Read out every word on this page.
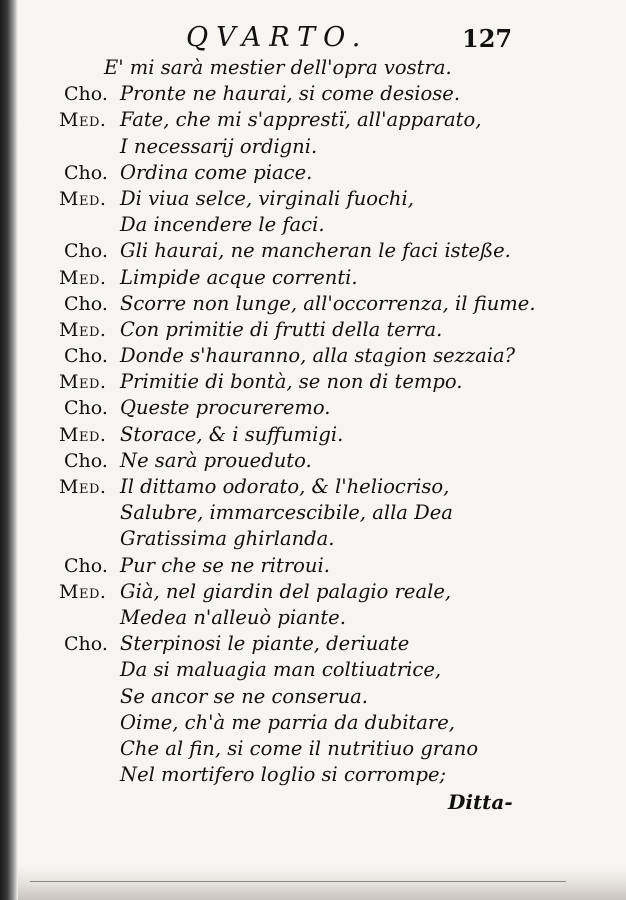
QVARTO.	127
E' mi sarà mestier dell'opra vostra.
Cho. Pronte ne haurai, si come desiose.
Med. Fate, che mi s'apprestï, all'apparato,
I necessarij ordigni.
Cho. Ordina come piace.
Med. Di viua selce, virginali fuochi,
Da incendere le faci.
Cho. Gli haurai, ne mancheran le faci isteße.
Med. Limpide acque correnti.
Cho. Scorre non lunge, all'occorrenza, il fiume.
Med. Con primitie di frutti della terra.
Cho. Donde s'hauranno, alla stagion sezzaia?
Med. Primitie di bontà, se non di tempo.
Cho. Queste procureremo.
Med. Storace, & i suffumigi.
Cho. Ne sarà proueduto.
Med. Il dittamo odorato, & l'heliocriso,
Salubre, immarcescibile, alla Dea
Gratissima ghirlanda.
Cho. Pur che se ne ritroui.
Med. Già, nel giardin del palagio reale,
Medea n'alleuò piante.
Cho. Sterpinosi le piante, deriuate
Da si maluagia man coltiuatrice,
Se ancor se ne conserua.
Oime, ch'à me parria da dubitare,
Che al fin, si come il nutritiuo grano
Nel mortifero loglio si corrompe;
Ditta-
